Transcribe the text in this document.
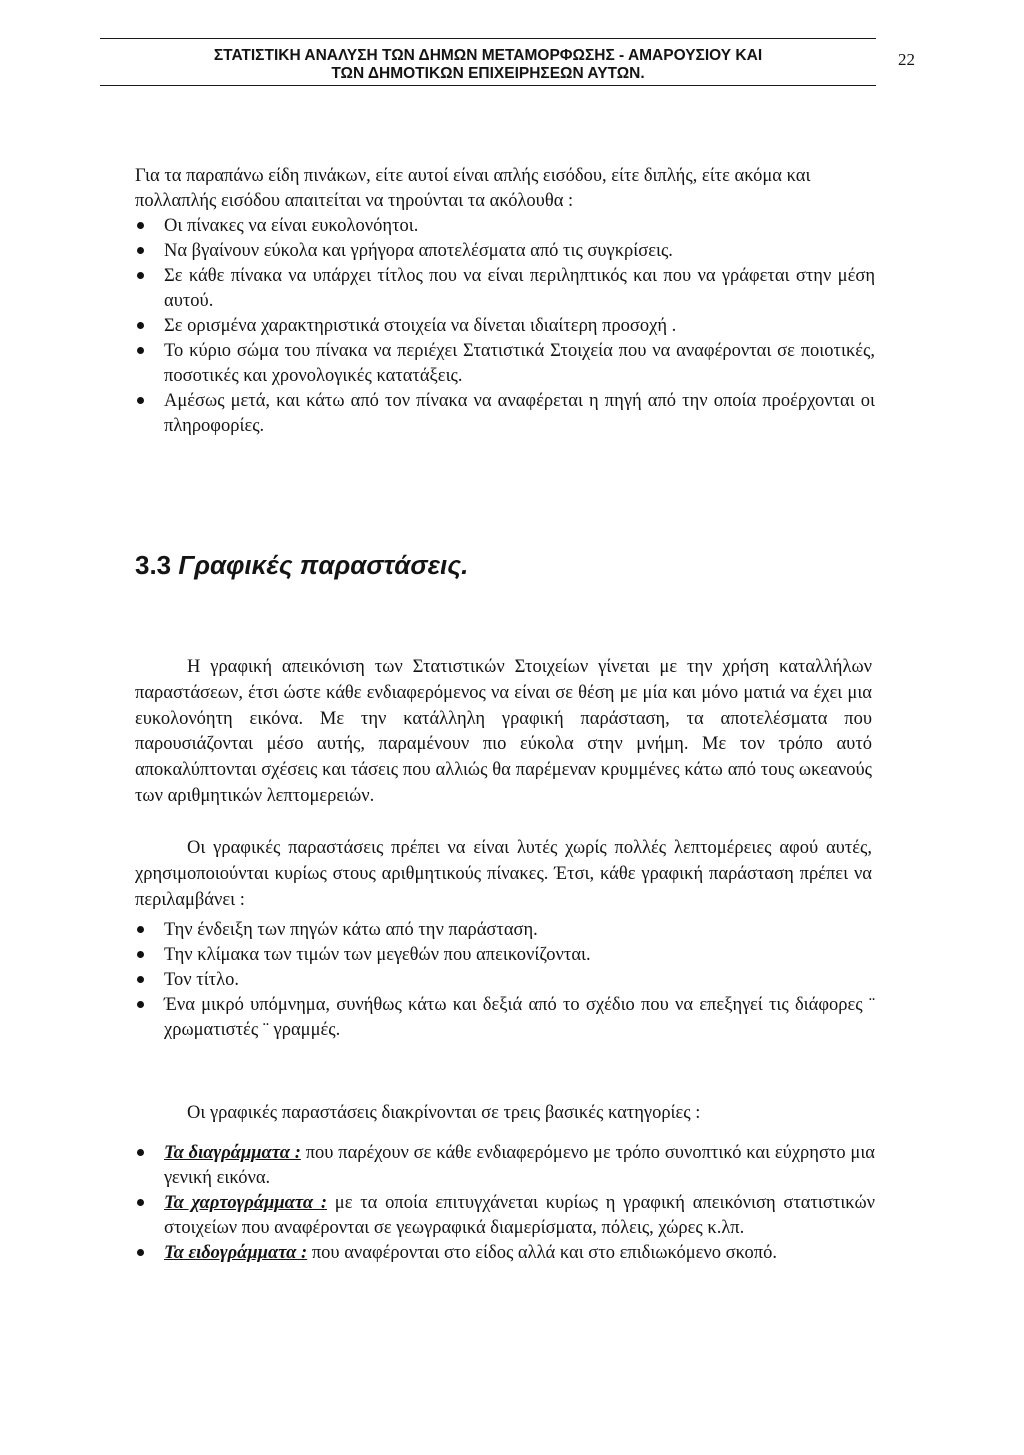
ΣΤΑΤΙΣΤΙΚΗ ΑΝΑΛΥΣΗ ΤΩΝ ΔΗΜΩΝ ΜΕΤΑΜΟΡΦΩΣΗΣ - ΑΜΑΡΟΥΣΙΟΥ ΚΑΙ

ΤΩΝ ΔΗΜΟΤΙΚΩΝ ΕΠΙΧΕΙΡΗΣΕΩΝ ΑΥΤΩΝ.

22

Για τα παραπάνω είδη πινάκων, είτε αυτοί είναι απλής εισόδου, είτε διπλής, είτε ακόμα και πολλαπλής εισόδου απαιτείται να τηρούνται τα ακόλουθα :

Οι πίνακες να είναι ευκολονόητοι.
Να βγαίνουν εύκολα και γρήγορα αποτελέσματα από τις συγκρίσεις.
Σε κάθε πίνακα να υπάρχει τίτλος που να είναι περιληπτικός και που να γράφεται στην μέση αυτού.
Σε ορισμένα χαρακτηριστικά στοιχεία να δίνεται ιδιαίτερη προσοχή .
Το κύριο σώμα του πίνακα να περιέχει Στατιστικά Στοιχεία που να αναφέρονται σε ποιοτικές, ποσοτικές και χρονολογικές κατατάξεις.
Αμέσως μετά, και κάτω από τον πίνακα να αναφέρεται η πηγή από την οποία προέρχονται οι πληροφορίες.
3.3 Γραφικές παραστάσεις.

Η γραφική απεικόνιση των Στατιστικών Στοιχείων γίνεται με την χρήση καταλλήλων παραστάσεων, έτσι ώστε κάθε ενδιαφερόμενος να είναι σε θέση με μία και μόνο ματιά να έχει μια ευκολονόητη εικόνα. Με την κατάλληλη γραφική παράσταση, τα αποτελέσματα που παρουσιάζονται μέσο αυτής, παραμένουν πιο εύκολα στην μνήμη. Με τον τρόπο αυτό αποκαλύπτονται σχέσεις και τάσεις που αλλιώς θα παρέμεναν κρυμμένες κάτω από τους ωκεανούς των αριθμητικών λεπτομερειών.

Οι γραφικές παραστάσεις πρέπει να είναι λυτές χωρίς πολλές λεπτομέρειες αφού αυτές, χρησιμοποιούνται κυρίως στους αριθμητικούς πίνακες. Έτσι, κάθε γραφική παράσταση πρέπει να περιλαμβάνει :

Την ένδειξη των πηγών κάτω από την παράσταση.
Την κλίμακα των τιμών των μεγεθών που απεικονίζονται.
Τον τίτλο.
Ένα μικρό υπόμνημα, συνήθως κάτω και δεξιά από το σχέδιο που να επεξηγεί τις διάφορες ¨ χρωματιστές ¨ γραμμές.

Οι γραφικές παραστάσεις διακρίνονται σε τρεις βασικές κατηγορίες :

Τα διαγράμματα : που παρέχουν σε κάθε ενδιαφερόμενο με τρόπο συνοπτικό και εύχρηστο μια γενική εικόνα.
Τα χαρτογράμματα : με τα οποία επιτυγχάνεται κυρίως η γραφική απεικόνιση στατιστικών στοιχείων που αναφέρονται σε γεωγραφικά διαμερίσματα, πόλεις, χώρες κ.λπ.
Τα ειδογράμματα : που αναφέρονται στο είδος αλλά και στο επιδιωκόμενο σκοπό.
